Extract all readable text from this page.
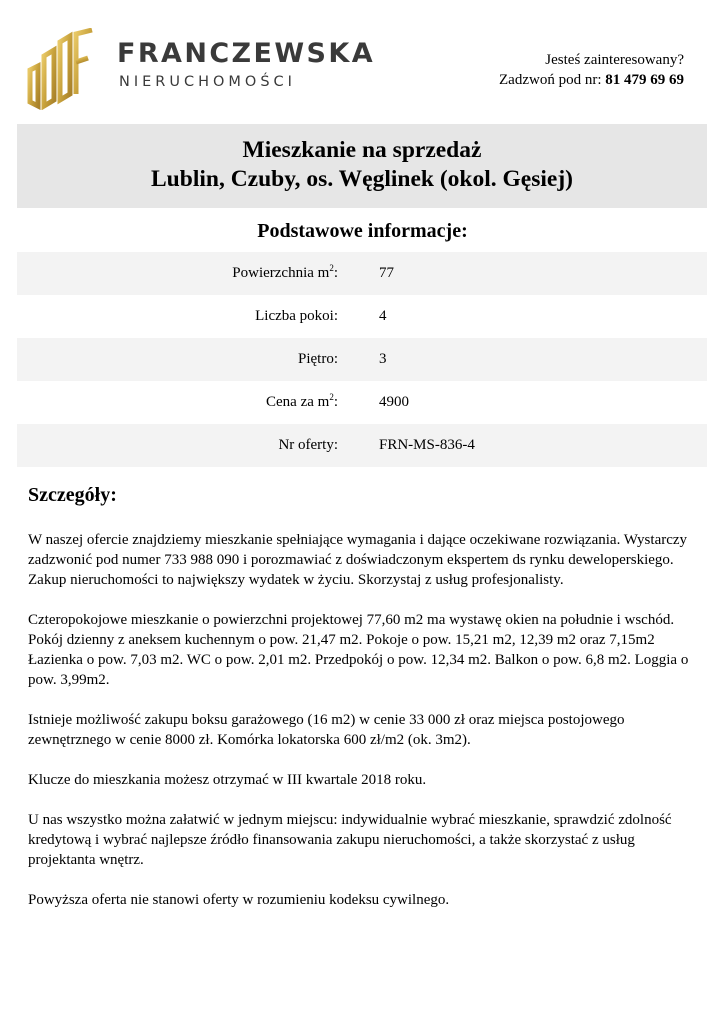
FRANCZEWSKA
NIERUCHOMOŚCI
Jesteś zainteresowany?
Zadzwoń pod nr: 81 479 69 69
Mieszkanie na sprzedaż
Lublin, Czuby, os. Węglinek (okol. Gęsiej)
Podstawowe informacje:
Powierzchnia $m^2$:	77
Liczba pokoi:	4
Piętro:	3
Cena za $m^2$:	4900
Nr oferty:	FRN-MS-836-4
Szczegóły:

W naszej ofercie znajdziemy mieszkanie spełniające wymagania i dające oczekiwane rozwiązania. Wystarczy zadzwonić pod numer 733 988 090 i porozmawiać z doświadczonym ekspertem ds rynku deweloperskiego. Zakup nieruchomości to największy wydatek w życiu. Skorzystaj z usług profesjonalisty.

Czteropokojowe mieszkanie o powierzchni projektowej 77,60 m2 ma wystawę okien na południe i wschód. Pokój dzienny z aneksem kuchennym o pow. 21,47 m2. Pokoje o pow. 15,21 m2, 12,39 m2 oraz 7,15m2 Łazienka o pow. 7,03 m2. WC o pow. 2,01 m2. Przedpokój o pow. 12,34 m2. Balkon o pow. 6,8 m2. Loggia o pow. 3,99m2.

Istnieje możliwość zakupu boksu garażowego (16 m2) w cenie 33 000 zł oraz miejsca postojowego zewnętrznego w cenie 8000 zł. Komórka lokatorska 600 zł/m2 (ok. 3m2).

Klucze do mieszkania możesz otrzymać w III kwartale 2018 roku.

U nas wszystko można załatwić w jednym miejscu: indywidualnie wybrać mieszkanie, sprawdzić zdolność kredytową i wybrać najlepsze źródło finansowania zakupu nieruchomości, a także skorzystać z usług projektanta wnętrz.

Powyższa oferta nie stanowi oferty w rozumieniu kodeksu cywilnego.
